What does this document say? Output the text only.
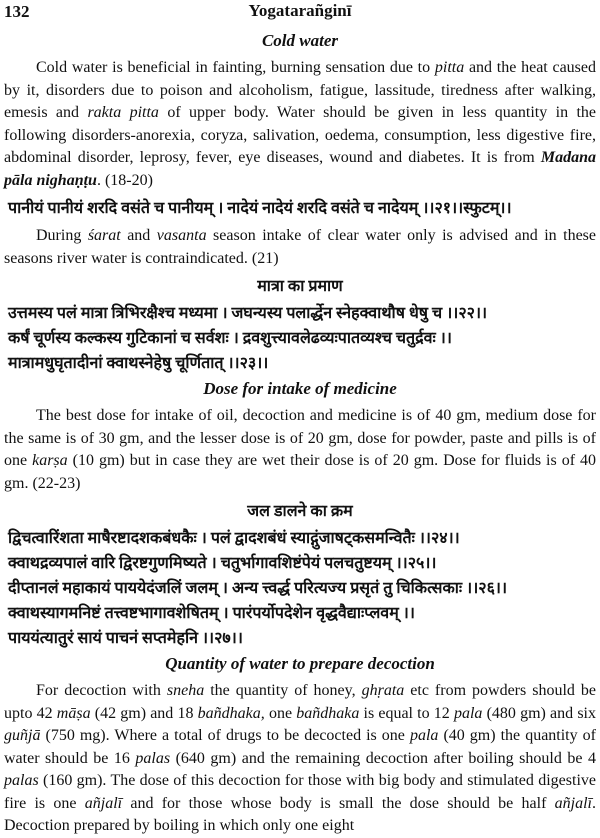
132	Yogatarañginī
Cold water

Cold water is beneficial in fainting, burning sensation due to pitta and the heat caused by it, disorders due to poison and alcoholism, fatigue, lassitude, tiredness after walking, emesis and rakta pitta of upper body. Water should be given in less quantity in the following disorders-anorexia, coryza, salivation, oedema, consumption, less digestive fire, abdominal disorder, leprosy, fever, eye diseases, wound and diabetes. It is from Madana pāla nighaṇṭu. (18-20)

पानीयं पानीयं शरदि वसंते च पानीयम् । नादेयं नादेयं शरदि वसंते च नादेयम् ।।२१।।स्फुटम्।।

During śarat and vasanta season intake of clear water only is advised and in these seasons river water is contraindicated. (21)

मात्रा का प्रमाण
उत्तमस्य पलं मात्रा त्रिभिरक्षैश्च मध्यमा । जघन्यस्य पलार्द्धेन स्नेहक्वाथौष धेषु च ।।२२।।
कर्षं चूर्णस्य कल्कस्य गुटिकानां च सर्वशः । द्रवशुत्त्यावलेढव्यःपातव्यश्च चतुर्द्रवः ।।
मात्रामधुघृतादीनां क्वाथस्नेहेषु चूर्णितात् ।।२३।।
Dose for intake of medicine

The best dose for intake of oil, decoction and medicine is of 40 gm, medium dose for the same is of 30 gm, and the lesser dose is of 20 gm, dose for powder, paste and pills is of one karṣa (10 gm) but in case they are wet their dose is of 20 gm. Dose for fluids is of 40 gm. (22-23)

जल डालने का क्रम
द्विचत्वारिंशता माषैरष्टादशकबंधकैः । पलं द्वादशबंधं स्याद्गुंजाषट्कसमन्वितैः ।।२४।।
क्वाथद्रव्यपालं वारि द्विरष्टगुणमिष्यते । चतुर्भागावशिष्टंपेयं पलचतुष्टयम् ।।२५।।
दीप्तानलं महाकायं पाययेदंजलिं जलम् । अन्य त्त्वर्द्ध परित्यज्य प्रसृतं तु चिकित्सकाः ।।२६।।
क्वाथस्यागमनिष्टं तत्त्वष्टभागावशेषितम् । पारंपर्योपदेशेन वृद्धवैद्याःप्लवम् ।।
पाययंत्यातुरं सायं पाचनं सप्तमेहनि ।।२७।।
Quantity of water to prepare decoction

For decoction with sneha the quantity of honey, ghṛata etc from powders should be upto 42 māṣa (42 gm) and 18 bañdhaka, one bañdhaka is equal to 12 pala (480 gm) and six guñjā (750 mg). Where a total of drugs to be decocted is one pala (40 gm) the quantity of water should be 16 palas (640 gm) and the remaining decoction after boiling should be 4 palas (160 gm). The dose of this decoction for those with big body and stimulated digestive fire is one añjalī and for those whose body is small the dose should be half añjalī. Decoction prepared by boiling in which only one eight
